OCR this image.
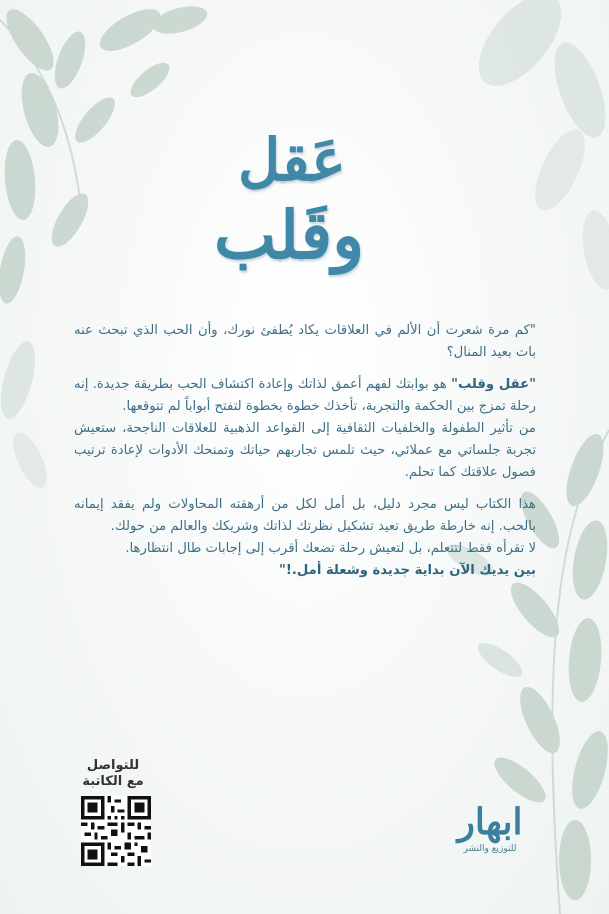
عَقل
وقَلب

"كم مرة شعرت أن الألم في العلاقات يكاد يُطفئ نورك، وأن الحب الذي تبحث عنه بات بعيد المنال؟

"عقل وقلب" هو بوابتك لفهم أعمق لذاتك وإعادة اكتشاف الحب بطريقة جديدة. إنه رحلة تمزج بين الحكمة والتجربة، تأخذك خطوة بخطوة لتفتح أبواباً لم تتوقعها.

من تأثير الطفولة والخلفيات الثقافية إلى القواعد الذهبية للعلاقات الناجحة، ستعيش تجربة جلساتي مع عملائي، حيث تلمس تجاربهم حياتك وتمنحك الأدوات لإعادة ترتيب فصول علاقتك كما تحلم.

هذا الكتاب ليس مجرد دليل، بل أمل لكل من أرهقته المحاولات ولم يفقد إيمانه بالحب. إنه خارطة طريق تعيد تشكيل نظرتك لذاتك وشريكك والعالم من حولك.

لا تقرأه فقط لتتعلم، بل لتعيش رحلة تضعك أقرب إلى إجابات طال انتظارها.

بين يديك الآن بداية جديدة وشعلة أمل.!"

للتواصل
مع الكاتبة
ابهار
للتوزيع والنشر
